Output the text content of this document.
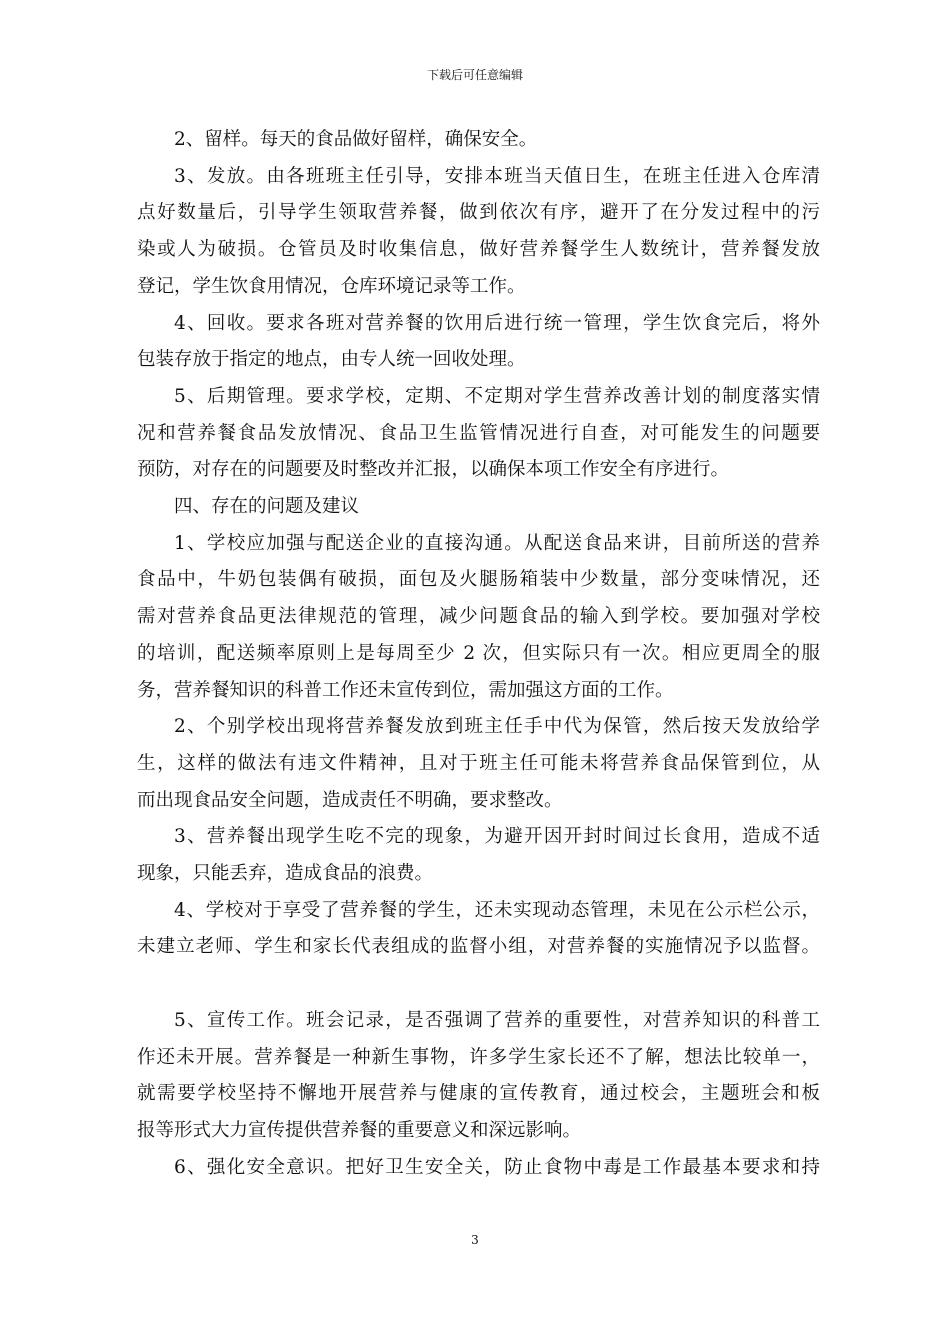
下载后可任意编辑
2、留样。每天的食品做好留样，确保安全。
3、发放。由各班班主任引导，安排本班当天值日生，在班主任进入仓库清
点好数量后，引导学生领取营养餐，做到依次有序，避开了在分发过程中的污
染或人为破损。仓管员及时收集信息，做好营养餐学生人数统计，营养餐发放
登记，学生饮食用情况，仓库环境记录等工作。
4、回收。要求各班对营养餐的饮用后进行统一管理，学生饮食完后，将外
包装存放于指定的地点，由专人统一回收处理。
5、后期管理。要求学校，定期、不定期对学生营养改善计划的制度落实情
况和营养餐食品发放情况、食品卫生监管情况进行自查，对可能发生的问题要
预防，对存在的问题要及时整改并汇报，以确保本项工作安全有序进行。
四、存在的问题及建议
1、学校应加强与配送企业的直接沟通。从配送食品来讲，目前所送的营养
食品中，牛奶包装偶有破损，面包及火腿肠箱装中少数量，部分变味情况，还
需对营养食品更法律规范的管理，减少问题食品的输入到学校。要加强对学校
的培训，配送频率原则上是每周至少 2 次，但实际只有一次。相应更周全的服
务，营养餐知识的科普工作还未宣传到位，需加强这方面的工作。
2、个别学校出现将营养餐发放到班主任手中代为保管，然后按天发放给学
生，这样的做法有违文件精神，且对于班主任可能未将营养食品保管到位，从
而出现食品安全问题，造成责任不明确，要求整改。
3、营养餐出现学生吃不完的现象，为避开因开封时间过长食用，造成不适
现象，只能丢弃，造成食品的浪费。
4、学校对于享受了营养餐的学生，还未实现动态管理，未见在公示栏公示，
未建立老师、学生和家长代表组成的监督小组，对营养餐的实施情况予以监督。
5、宣传工作。班会记录，是否强调了营养的重要性，对营养知识的科普工
作还未开展。营养餐是一种新生事物，许多学生家长还不了解，想法比较单一，
就需要学校坚持不懈地开展营养与健康的宣传教育，通过校会，主题班会和板
报等形式大力宣传提供营养餐的重要意义和深远影响。
6、强化安全意识。把好卫生安全关，防止食物中毒是工作最基本要求和持
3
